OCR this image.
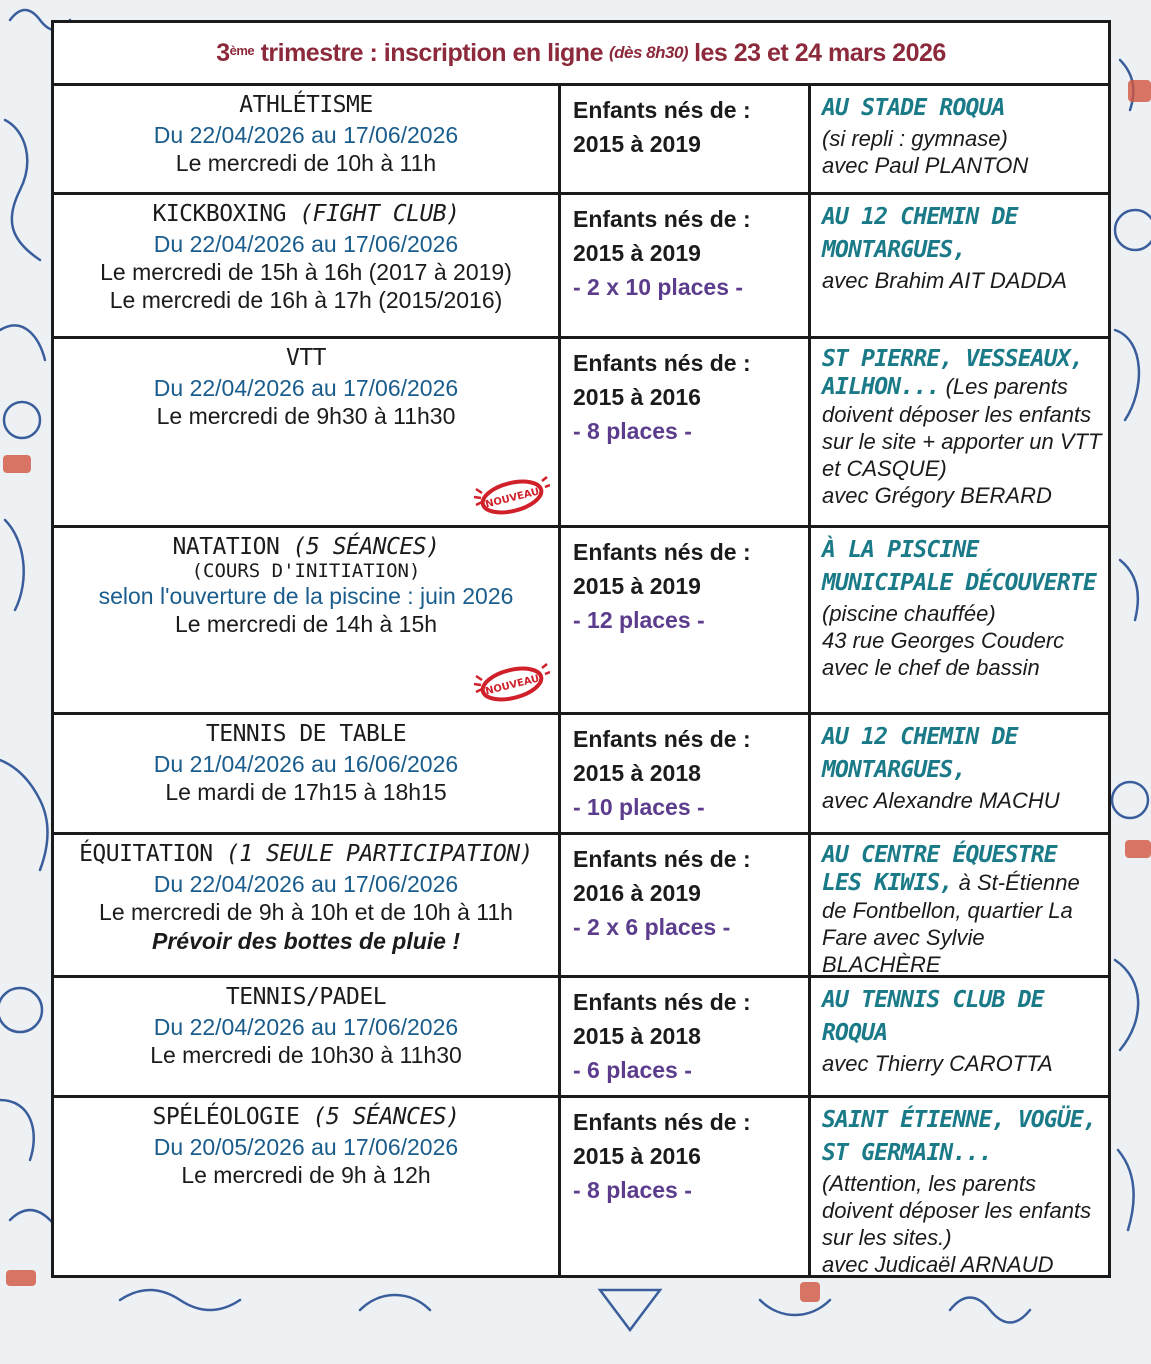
3ème
trimestre : inscription en ligne (dès 8h30) les 23 et 24 mars 2026
ATHLÉTISME
Du 22/04/2026 au 17/06/2026
Le mercredi de 10h à 11h
Enfants nés de :
2015 à 2019
AU STADE ROQUA
(si repli : gymnase)
avec Paul PLANTON
KICKBOXING (FIGHT CLUB)
Du 22/04/2026 au 17/06/2026
Le mercredi de 15h à 16h (2017 à 2019)
Le mercredi de 16h à 17h (2015/2016)
Enfants nés de :
2015 à 2019
- 2 x 10 places -
AU 12 CHEMIN DE MONTARGUES,
avec Brahim AIT DADDA
VTT
Du 22/04/2026 au 17/06/2026
Le mercredi de 9h30 à 11h30
NOUVEAU
Enfants nés de :
2015 à 2016
- 8 places -
ST PIERRE, VESSEAUX, AILHON... (Les parents doivent déposer les enfants sur le site + apporter un VTT et CASQUE)
avec Grégory BERARD
NATATION (5 SÉANCES)
(COURS D'INITIATION)
selon l'ouverture de la piscine : juin 2026
Le mercredi de 14h à 15h
NOUVEAU
Enfants nés de :
2015 à 2019
- 12 places -
À LA PISCINE MUNICIPALE DÉCOUVERTE
(piscine chauffée)
43 rue Georges Couderc
avec le chef de bassin
TENNIS DE TABLE
Du 21/04/2026 au 16/06/2026
Le mardi de 17h15 à 18h15
Enfants nés de :
2015 à 2018
- 10 places -
AU 12 CHEMIN DE MONTARGUES,
avec Alexandre MACHU
ÉQUITATION (1 SEULE PARTICIPATION)
Du 22/04/2026 au 17/06/2026
Le mercredi de 9h à 10h et de 10h à 11h
Prévoir des bottes de pluie !
Enfants nés de :
2016 à 2019
- 2 x 6 places -
AU CENTRE ÉQUESTRE LES KIWIS, à St-Étienne de Fontbellon, quartier La Fare avec Sylvie BLACHÈRE
TENNIS/PADEL
Du 22/04/2026 au 17/06/2026
Le mercredi de 10h30 à 11h30
Enfants nés de :
2015 à 2018
- 6 places -
AU TENNIS CLUB DE ROQUA
avec Thierry CAROTTA
SPÉLÉOLOGIE (5 SÉANCES)
Du 20/05/2026 au 17/06/2026
Le mercredi de 9h à 12h
Enfants nés de :
2015 à 2016
- 8 places -
SAINT ÉTIENNE, VOGÜE, ST GERMAIN...
(Attention, les parents doivent déposer les enfants sur les sites.)
avec Judicaël ARNAUD
